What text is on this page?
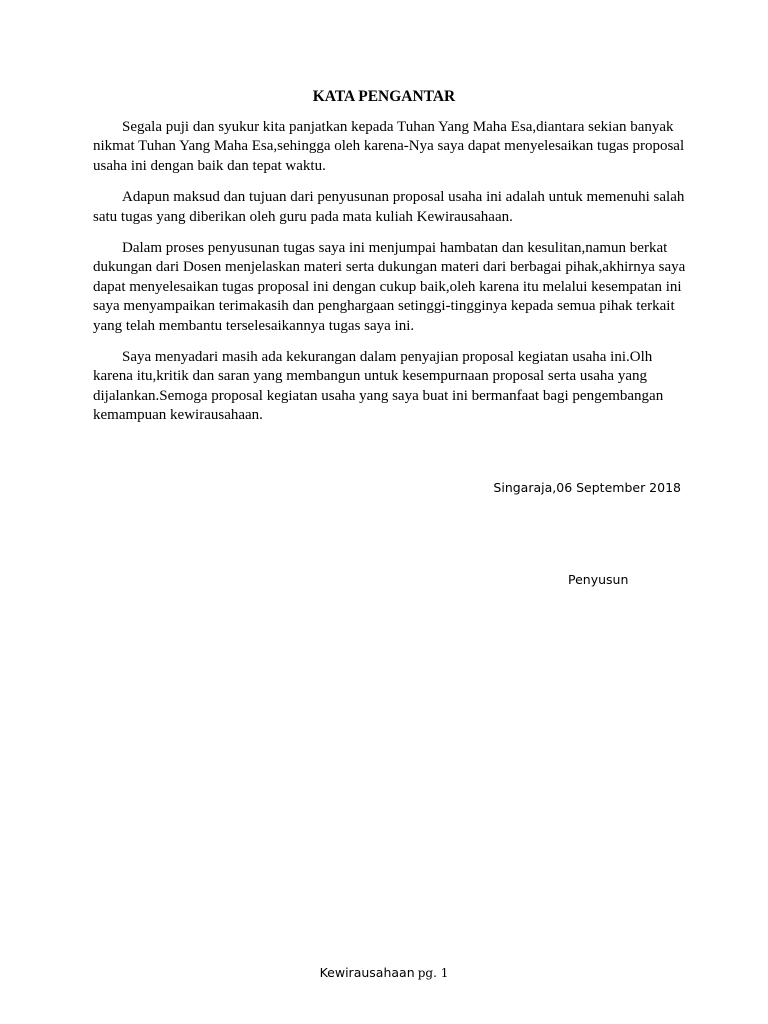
KATA PENGANTAR

Segala puji dan syukur kita panjatkan kepada Tuhan Yang Maha Esa,diantara sekian banyak nikmat Tuhan Yang Maha Esa,sehingga oleh karena-Nya saya dapat menyelesaikan tugas proposal usaha ini dengan baik dan tepat waktu.

Adapun maksud dan tujuan dari penyusunan proposal usaha ini adalah untuk memenuhi salah satu tugas yang diberikan oleh guru pada mata kuliah Kewirausahaan.

Dalam proses penyusunan tugas saya ini menjumpai hambatan dan kesulitan,namun berkat dukungan dari Dosen menjelaskan materi serta dukungan materi dari berbagai pihak,akhirnya saya dapat menyelesaikan tugas proposal ini dengan cukup baik,oleh karena itu melalui kesempatan ini saya menyampaikan terimakasih dan penghargaan setinggi-tingginya kepada semua pihak terkait yang telah membantu terselesaikannya tugas saya ini.

Saya menyadari masih ada kekurangan dalam penyajian proposal kegiatan usaha ini.Olh karena itu,kritik dan saran yang membangun untuk kesempurnaan proposal serta usaha yang dijalankan.Semoga proposal kegiatan usaha yang saya buat ini bermanfaat bagi pengembangan kemampuan kewirausahaan.

Singaraja,06 September 2018
Penyusun
Kewirausahaan pg. 1
